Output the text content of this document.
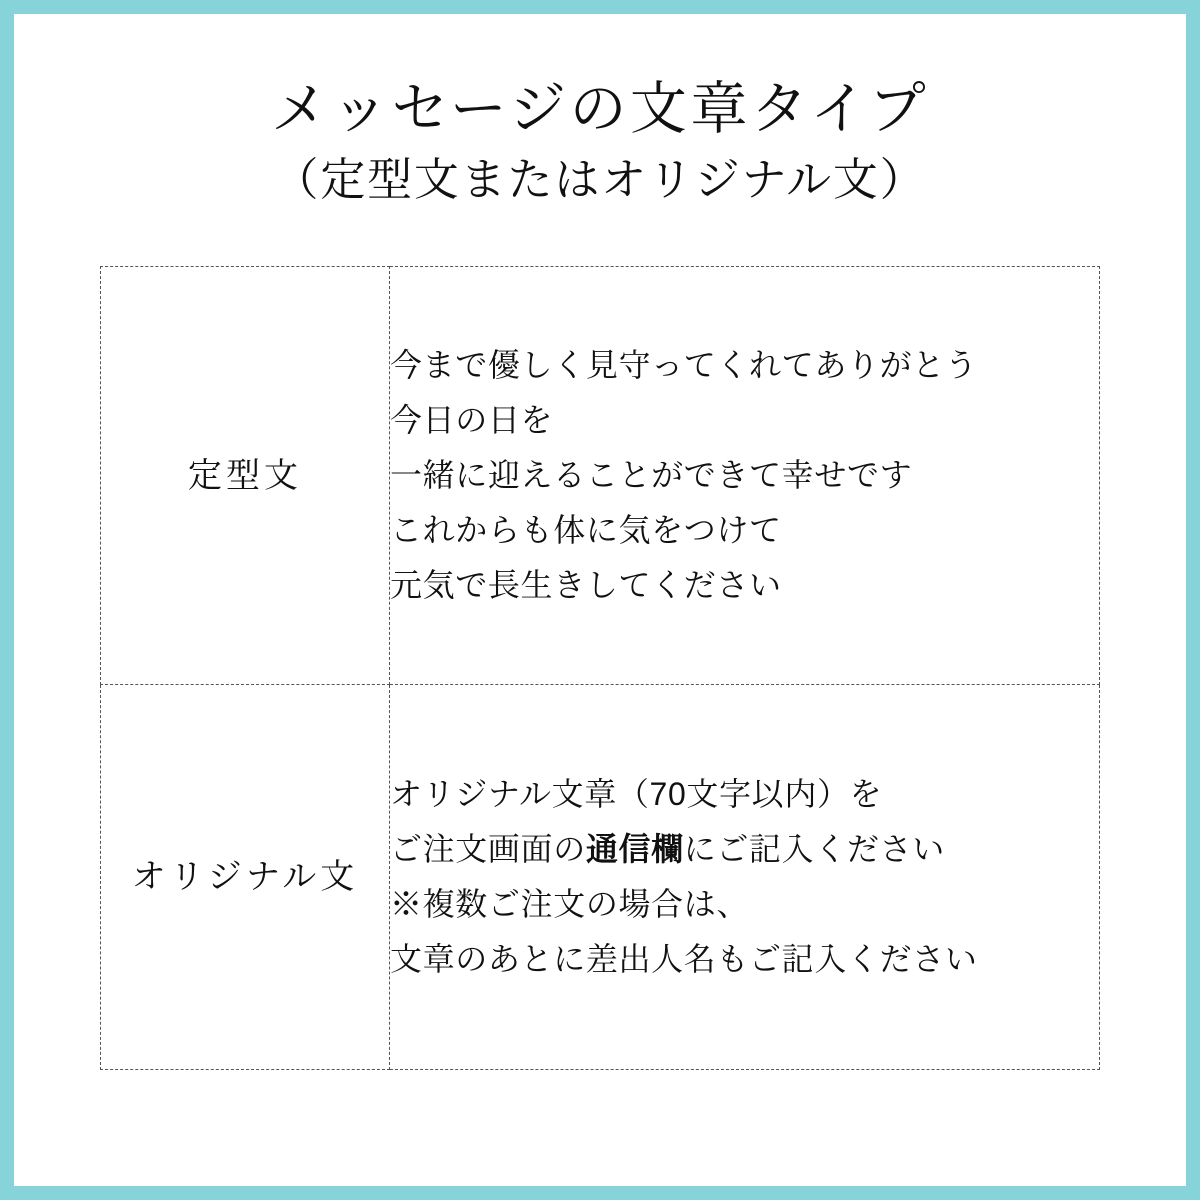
メッセージの文章タイプ
（定型文またはオリジナル文）
定型文	今まで優しく見守ってくれてありがとう
今日の日を
一緒に迎えることができて幸せです
これからも体に気をつけて
元気で長生きしてください

オリジナル文	オリジナル文章（70文字以内）を
ご注文画面の通信欄にご記入ください
※複数ご注文の場合は、
文章のあとに差出人名もご記入ください
